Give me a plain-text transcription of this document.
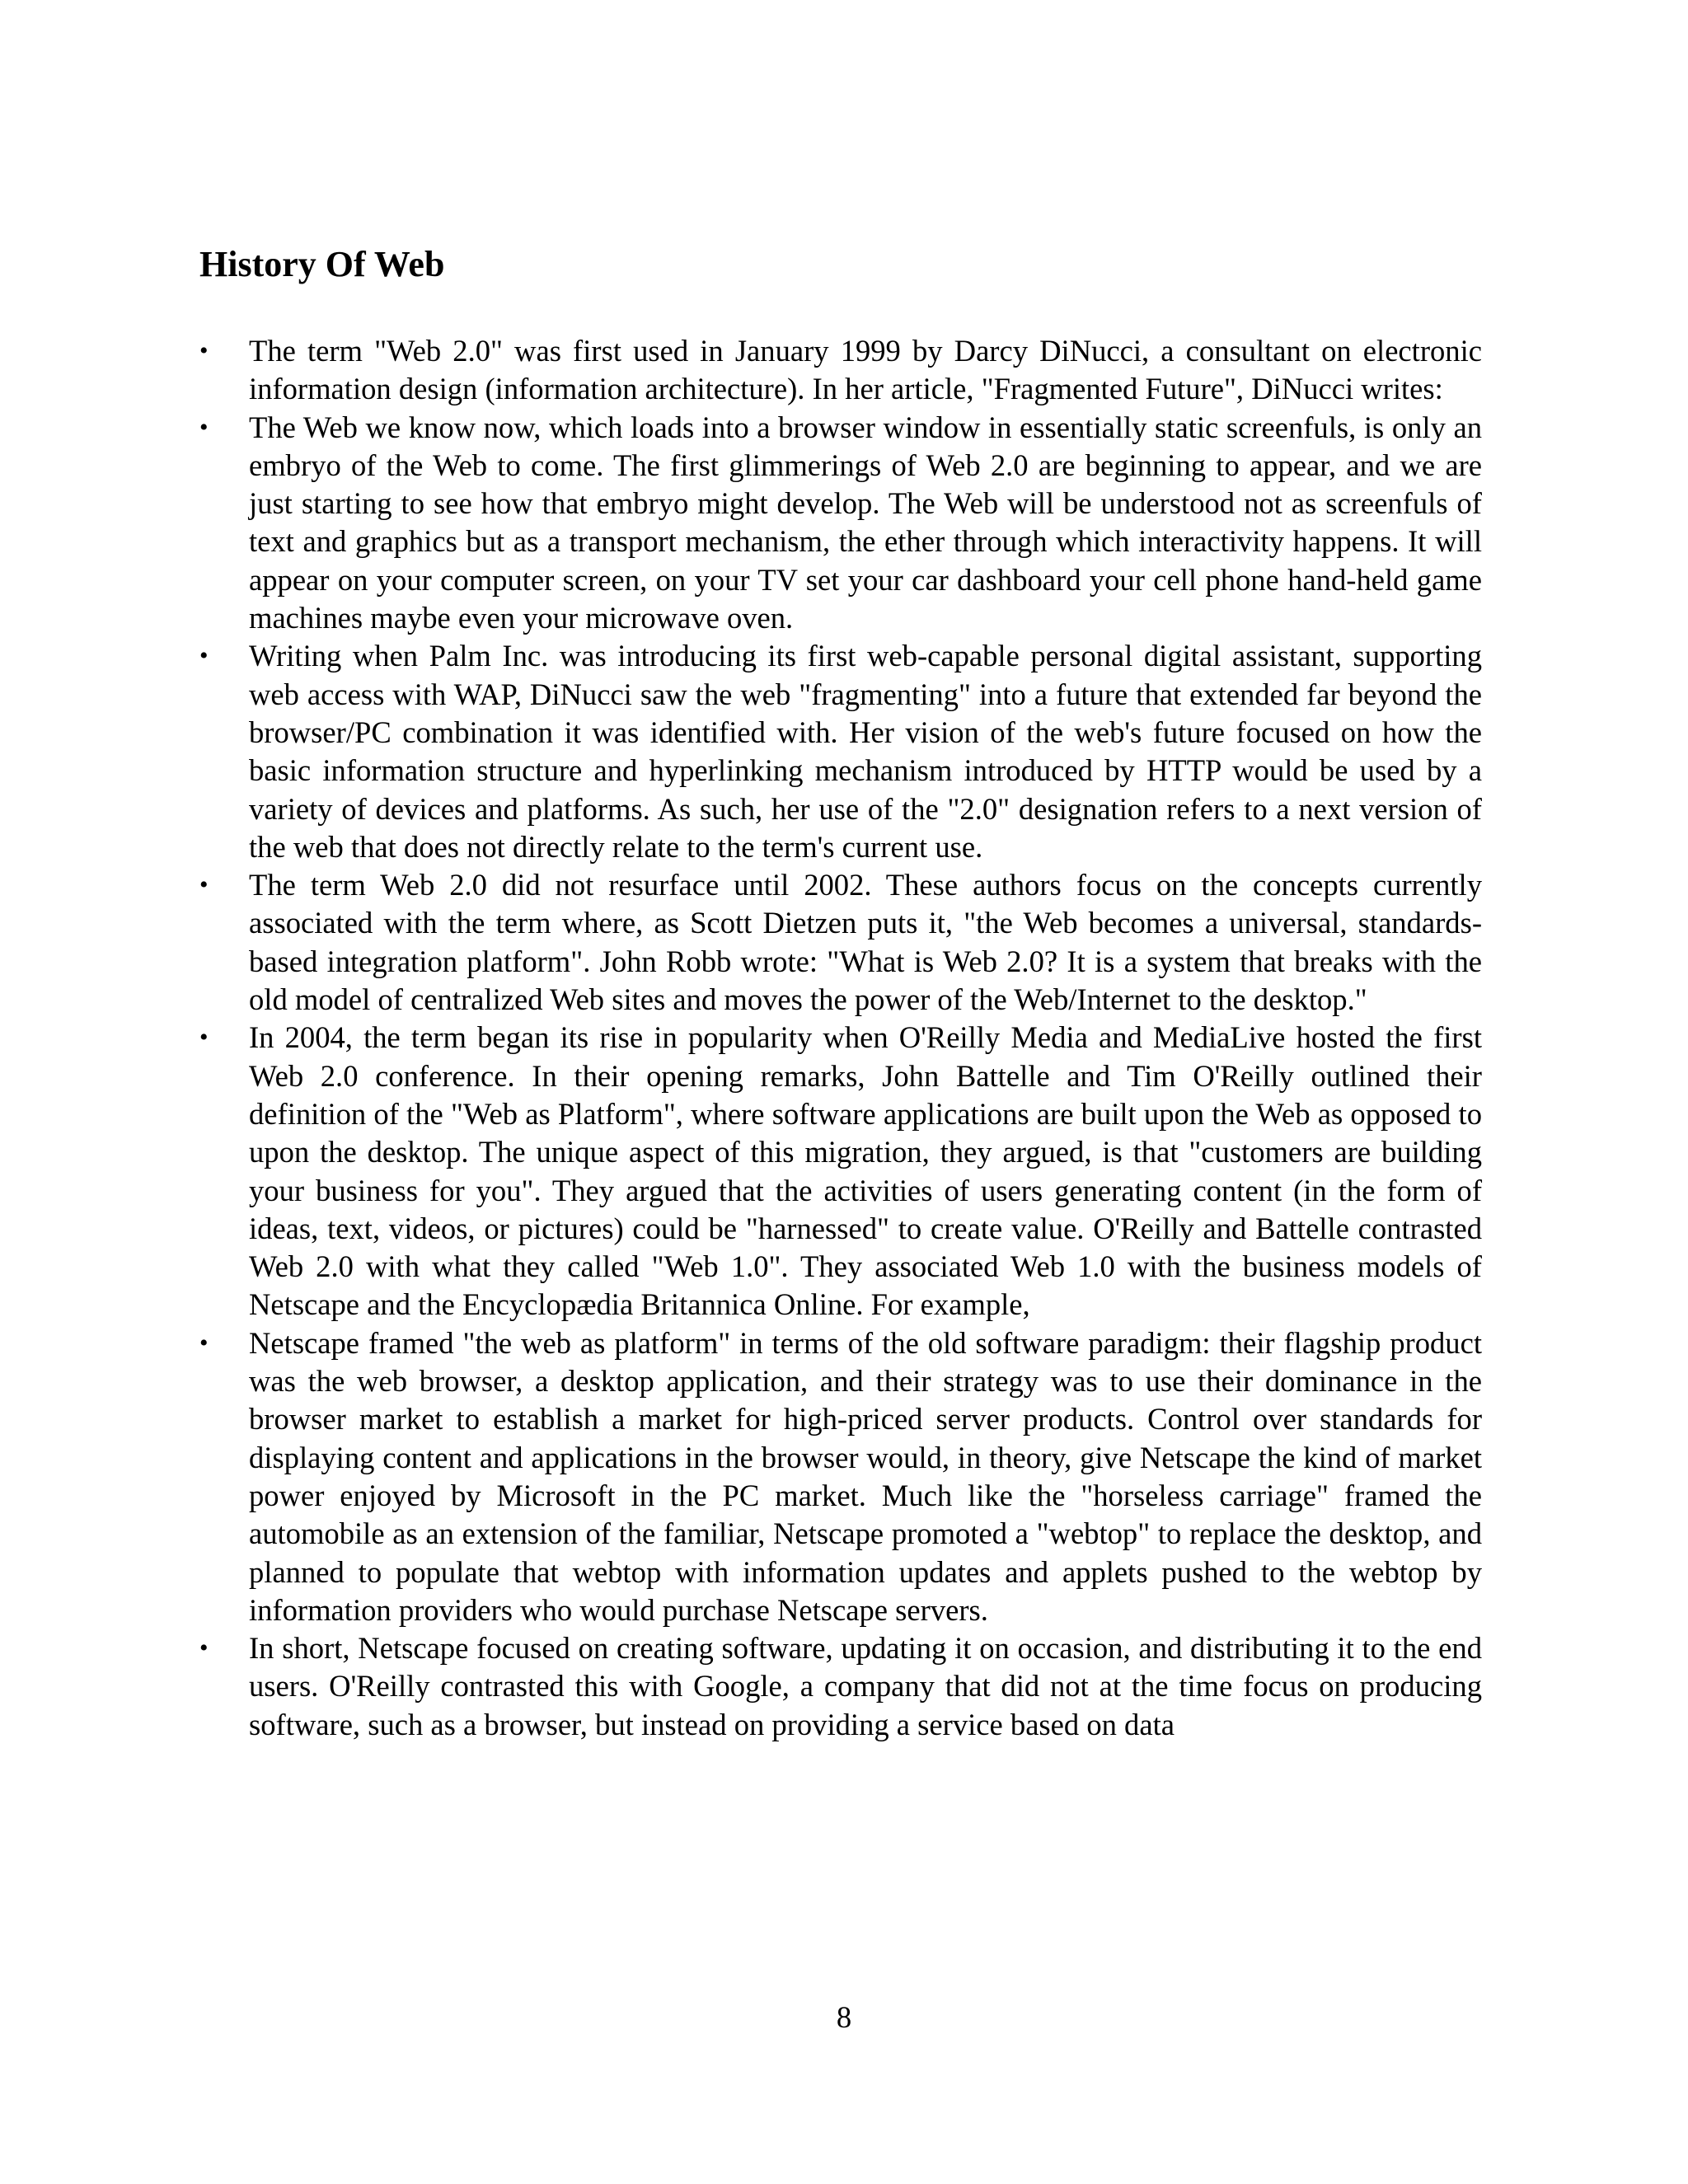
History Of Web
• The term "Web 2.0" was first used in January 1999 by Darcy DiNucci, a consultant on electronic information design (information architecture). In her article, "Fragmented Future", DiNucci writes:
• The Web we know now, which loads into a browser window in essentially static screenfuls, is only an embryo of the Web to come. The first glimmerings of Web 2.0 are beginning to appear, and we are just starting to see how that embryo might develop. The Web will be understood not as screenfuls of text and graphics but as a transport mechanism, the ether through which interactivity happens. It will appear on your computer screen, on your TV set your car dashboard your cell phone hand-held game machines maybe even your microwave oven.
• Writing when Palm Inc. was introducing its first web-capable personal digital assistant, supporting web access with WAP, DiNucci saw the web "fragmenting" into a future that extended far beyond the browser/PC combination it was identified with. Her vision of the web's future focused on how the basic information structure and hyperlinking mechanism introduced by HTTP would be used by a variety of devices and platforms. As such, her use of the "2.0" designation refers to a next version of the web that does not directly relate to the term's current use.
• The term Web 2.0 did not resurface until 2002. These authors focus on the concepts currently associated with the term where, as Scott Dietzen puts it, "the Web becomes a universal, standards-based integration platform". John Robb wrote: "What is Web 2.0? It is a system that breaks with the old model of centralized Web sites and moves the power of the Web/Internet to the desktop."
• In 2004, the term began its rise in popularity when O'Reilly Media and MediaLive hosted the first Web 2.0 conference. In their opening remarks, John Battelle and Tim O'Reilly outlined their definition of the "Web as Platform", where software applications are built upon the Web as opposed to upon the desktop. The unique aspect of this migration, they argued, is that "customers are building your business for you". They argued that the activities of users generating content (in the form of ideas, text, videos, or pictures) could be "harnessed" to create value. O'Reilly and Battelle contrasted Web 2.0 with what they called "Web 1.0". They associated Web 1.0 with the business models of Netscape and the Encyclopædia Britannica Online. For example,
• Netscape framed "the web as platform" in terms of the old software paradigm: their flagship product was the web browser, a desktop application, and their strategy was to use their dominance in the browser market to establish a market for high-priced server products. Control over standards for displaying content and applications in the browser would, in theory, give Netscape the kind of market power enjoyed by Microsoft in the PC market. Much like the "horseless carriage" framed the automobile as an extension of the familiar, Netscape promoted a "webtop" to replace the desktop, and planned to populate that webtop with information updates and applets pushed to the webtop by information providers who would purchase Netscape servers.
• In short, Netscape focused on creating software, updating it on occasion, and distributing it to the end users. O'Reilly contrasted this with Google, a company that did not at the time focus on producing software, such as a browser, but instead on providing a service based on data
8
